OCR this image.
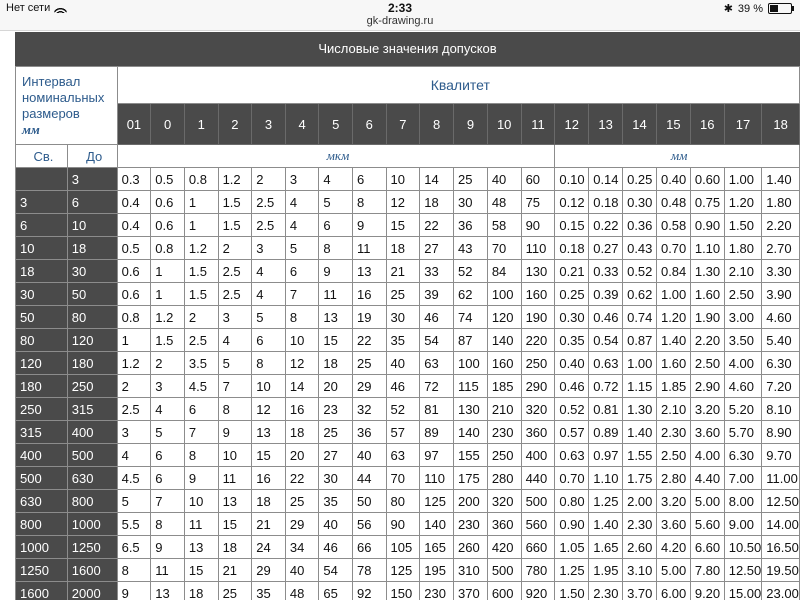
Нет сети	2:33
gk-drawing.ru
✱ 39 %
Числовые значения допусков
Интервал
номинальных
размеров
мм		Квалитет																			
		01	0	1	2	3	4	5	6	7	8	9	10	11	12	13	14	15	16	17	18
Св.	До	мкм													мм						
	3	0.3	0.5	0.8	1.2	2	3	4	6	10	14	25	40	60	0.10	0.14	0.25	0.40	0.60	1.00	1.40
3	6	0.4	0.6	1	1.5	2.5	4	5	8	12	18	30	48	75	0.12	0.18	0.30	0.48	0.75	1.20	1.80
6	10	0.4	0.6	1	1.5	2.5	4	6	9	15	22	36	58	90	0.15	0.22	0.36	0.58	0.90	1.50	2.20
10	18	0.5	0.8	1.2	2	3	5	8	11	18	27	43	70	110	0.18	0.27	0.43	0.70	1.10	1.80	2.70
18	30	0.6	1	1.5	2.5	4	6	9	13	21	33	52	84	130	0.21	0.33	0.52	0.84	1.30	2.10	3.30
30	50	0.6	1	1.5	2.5	4	7	11	16	25	39	62	100	160	0.25	0.39	0.62	1.00	1.60	2.50	3.90
50	80	0.8	1.2	2	3	5	8	13	19	30	46	74	120	190	0.30	0.46	0.74	1.20	1.90	3.00	4.60
80	120	1	1.5	2.5	4	6	10	15	22	35	54	87	140	220	0.35	0.54	0.87	1.40	2.20	3.50	5.40
120	180	1.2	2	3.5	5	8	12	18	25	40	63	100	160	250	0.40	0.63	1.00	1.60	2.50	4.00	6.30
180	250	2	3	4.5	7	10	14	20	29	46	72	115	185	290	0.46	0.72	1.15	1.85	2.90	4.60	7.20
250	315	2.5	4	6	8	12	16	23	32	52	81	130	210	320	0.52	0.81	1.30	2.10	3.20	5.20	8.10
315	400	3	5	7	9	13	18	25	36	57	89	140	230	360	0.57	0.89	1.40	2.30	3.60	5.70	8.90
400	500	4	6	8	10	15	20	27	40	63	97	155	250	400	0.63	0.97	1.55	2.50	4.00	6.30	9.70
500	630	4.5	6	9	11	16	22	30	44	70	110	175	280	440	0.70	1.10	1.75	2.80	4.40	7.00	11.00
630	800	5	7	10	13	18	25	35	50	80	125	200	320	500	0.80	1.25	2.00	3.20	5.00	8.00	12.50
800	1000	5.5	8	11	15	21	29	40	56	90	140	230	360	560	0.90	1.40	2.30	3.60	5.60	9.00	14.00
1000	1250	6.5	9	13	18	24	34	46	66	105	165	260	420	660	1.05	1.65	2.60	4.20	6.60	10.50	16.50
1250	1600	8	11	15	21	29	40	54	78	125	195	310	500	780	1.25	1.95	3.10	5.00	7.80	12.50	19.50
1600	2000	9	13	18	25	35	48	65	92	150	230	370	600	920	1.50	2.30	3.70	6.00	9.20	15.00	23.00
